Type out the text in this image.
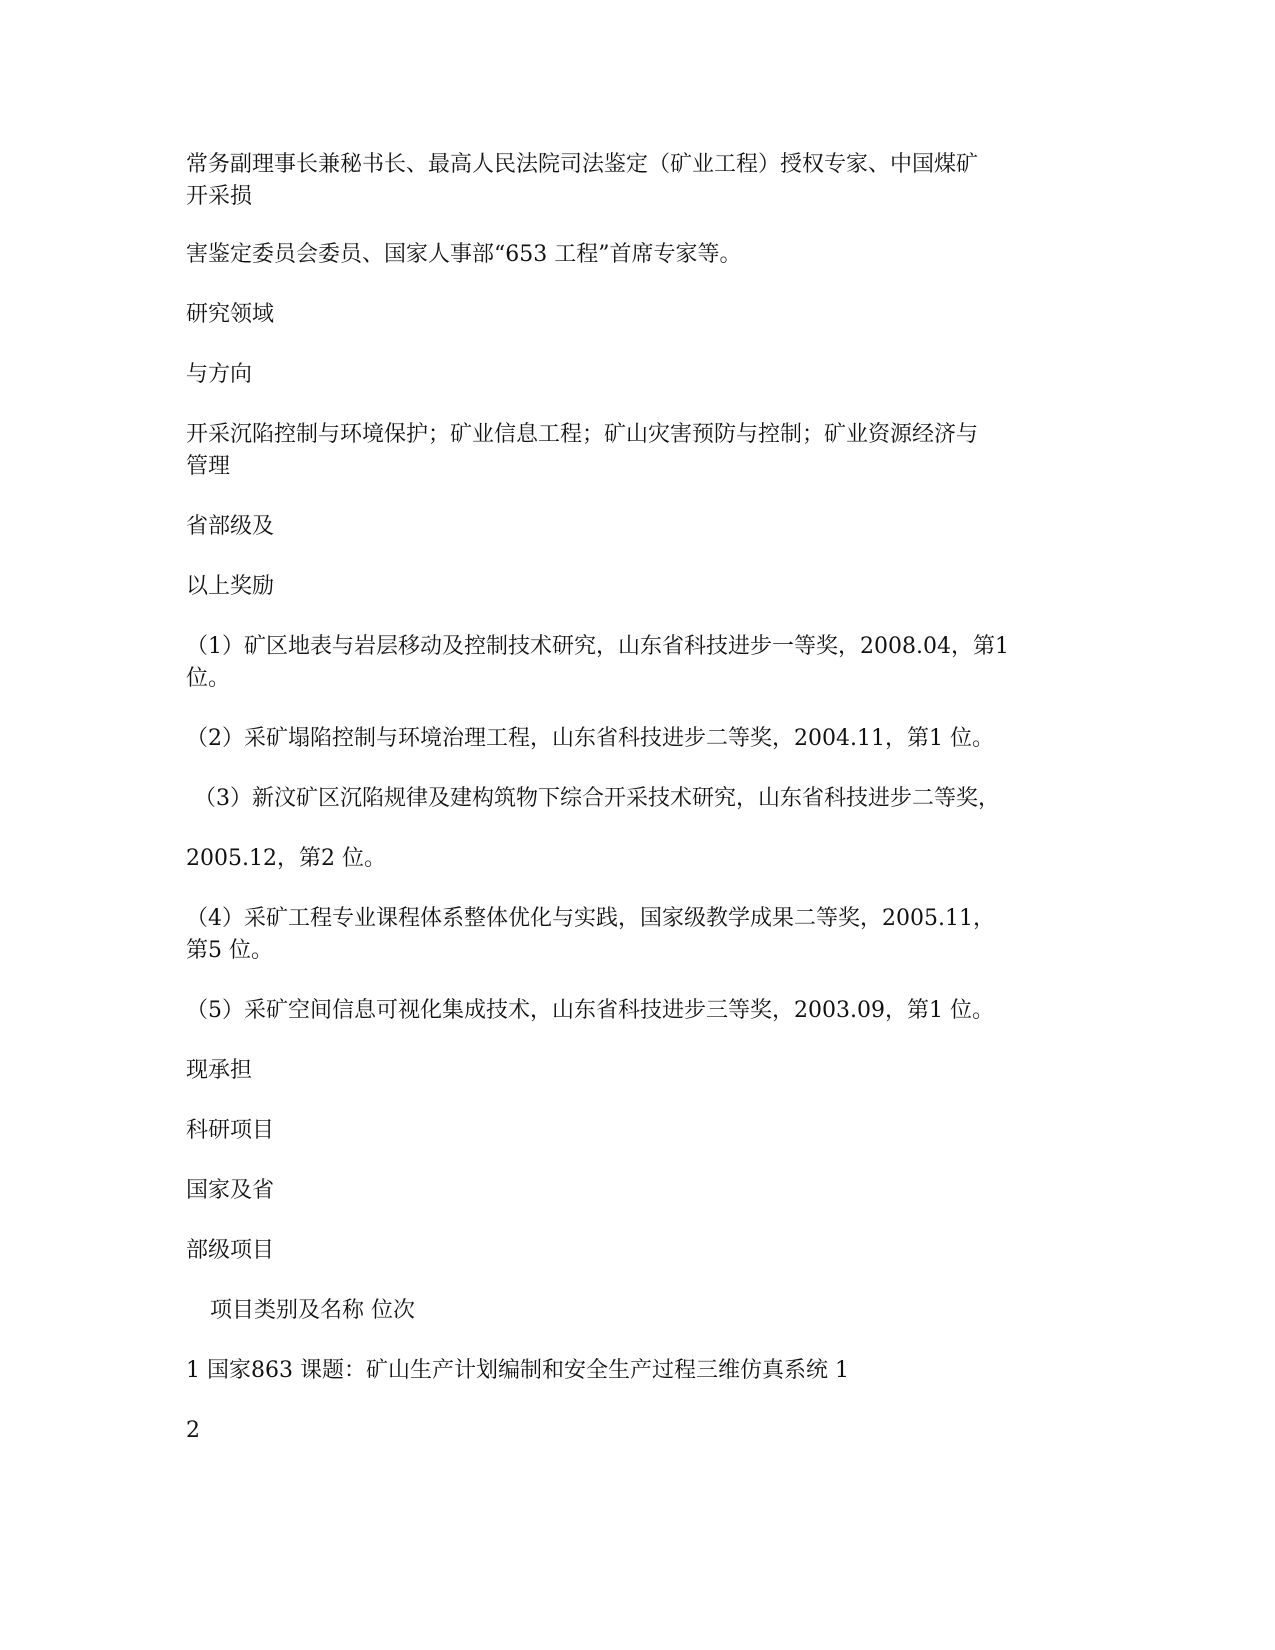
常务副理事长兼秘书长、最高人民法院司法鉴定（矿业工程）授权专家、中国煤矿
开采损
害鉴定委员会委员、国家人事部“653 工程”首席专家等。
研究领域
与方向
开采沉陷控制与环境保护；矿业信息工程；矿山灾害预防与控制；矿业资源经济与
管理
省部级及
以上奖励
（1）矿区地表与岩层移动及控制技术研究，山东省科技进步一等奖，2008.04，第1
位。
（2）采矿塌陷控制与环境治理工程，山东省科技进步二等奖，2004.11，第1 位。
（3）新汶矿区沉陷规律及建构筑物下综合开采技术研究，山东省科技进步二等奖，
2005.12，第2 位。
（4）采矿工程专业课程体系整体优化与实践，国家级教学成果二等奖，2005.11，
第5 位。
（5）采矿空间信息可视化集成技术，山东省科技进步三等奖，2003.09，第1 位。
现承担
科研项目
国家及省
部级项目
项目类别及名称 位次
1 国家863 课题：矿山生产计划编制和安全生产过程三维仿真系统 1
2
